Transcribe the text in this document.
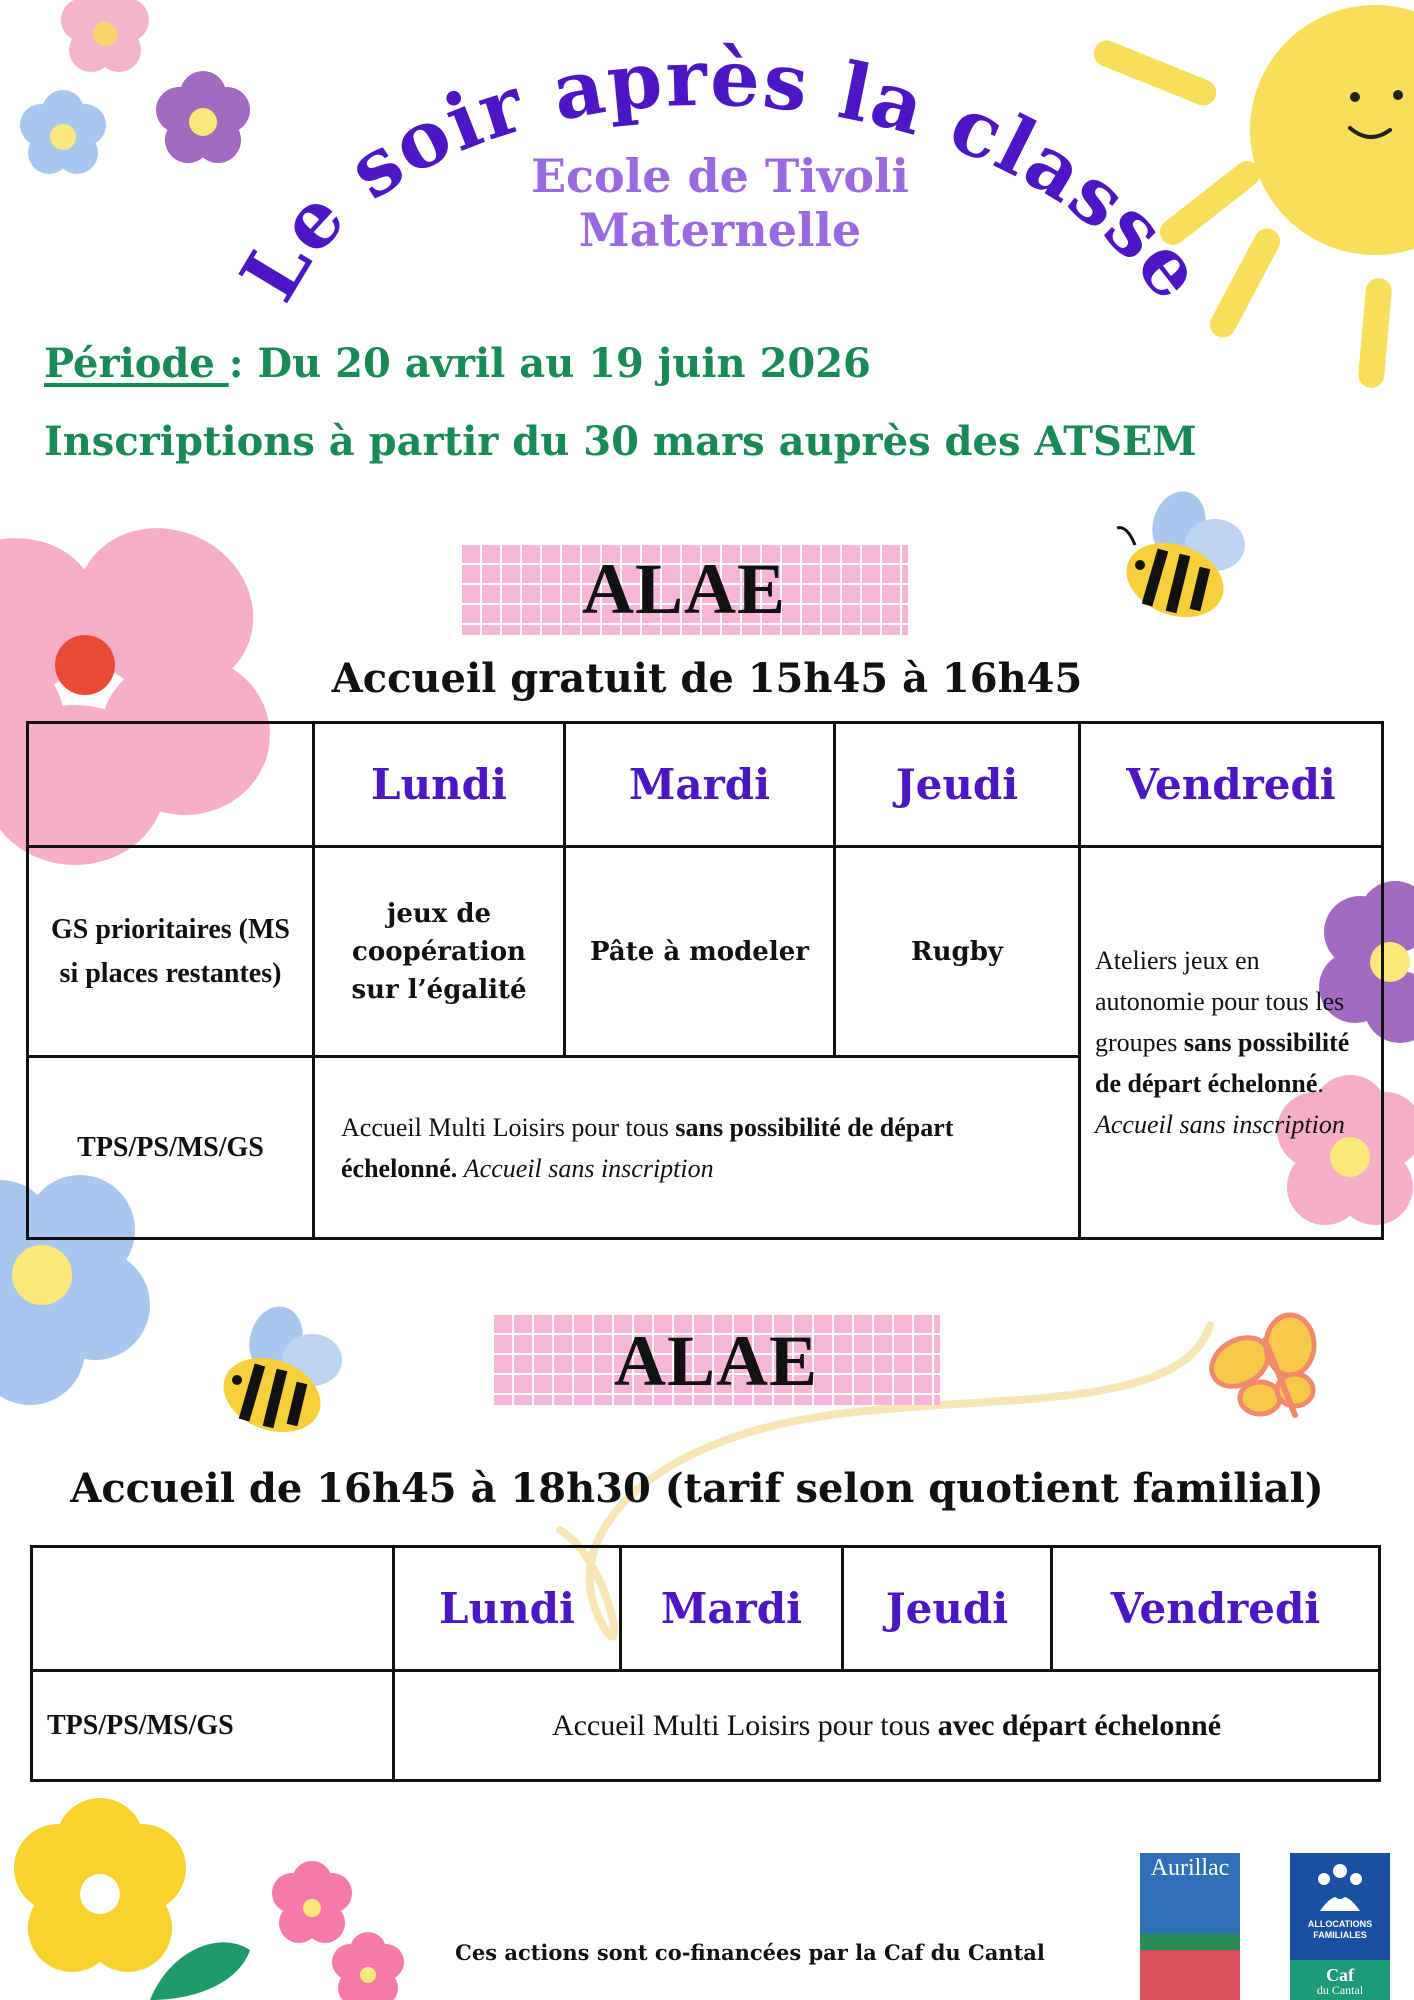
Le soir après la classe
Ecole de Tivoli
Maternelle
Période : Du 20 avril au 19 juin 2026
Inscriptions à partir du 30 mars auprès des ATSEM
ALAE
Accueil gratuit de 15h45 à 16h45
	Lundi	Mardi	Jeudi	Vendredi
GS prioritaires (MS si places restantes)	jeux de coopération sur l’égalité	Pâte à modeler	Rugby	Ateliers jeux en autonomie pour tous les groupes sans possibilité de départ échelonné. Accueil sans inscription
TPS/PS/MS/GS	Accueil Multi Loisirs pour tous sans possibilité de départ échelonné. Accueil sans inscription			
ALAE
Accueil de 16h45 à 18h30 (tarif selon quotient familial)
	Lundi	Mardi	Jeudi	Vendredi
TPS/PS/MS/GS	Accueil Multi Loisirs pour tous avec départ échelonné			
Ces actions sont co-financées par la Caf du Cantal
Aurillac
ALLOCATIONS FAMILIALES
Caf
du Cantal
